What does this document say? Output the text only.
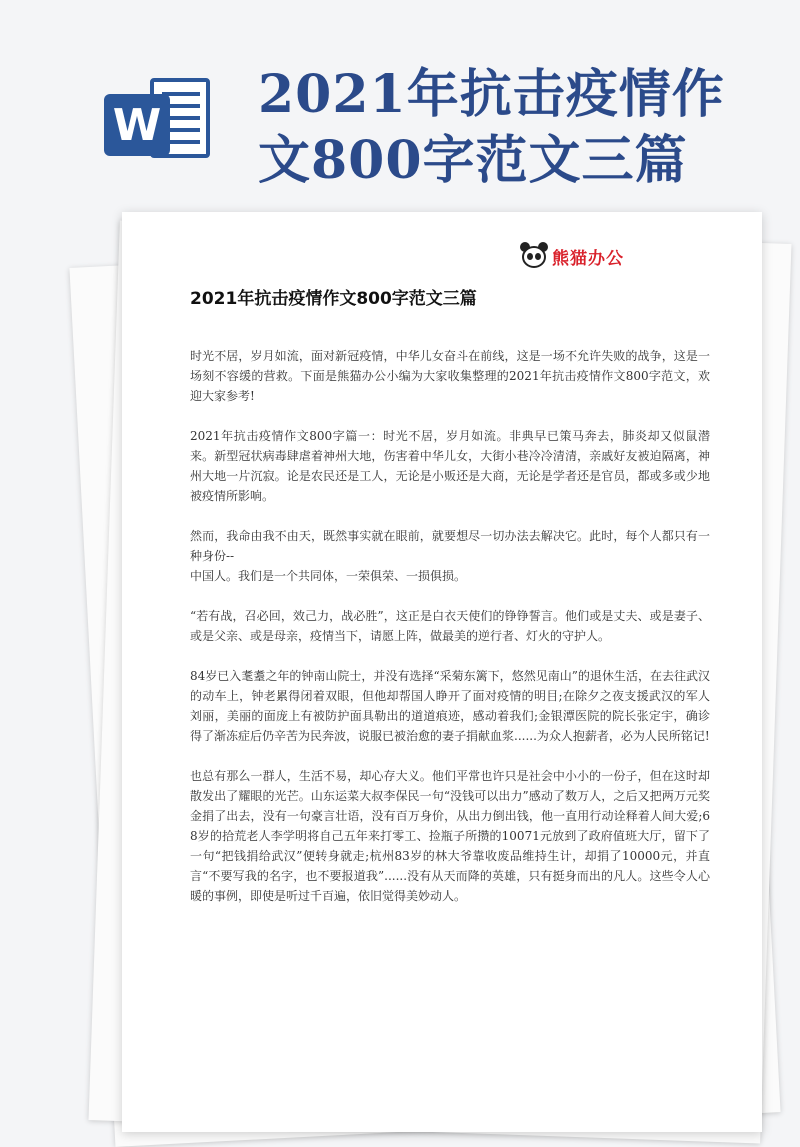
W 2021年抗击疫情作
文800字范文三篇
熊猫办公
2021年抗击疫情作文800字范文三篇

时光不居，岁月如流，面对新冠疫情，中华儿女奋斗在前线，这是一场不允许失败的战争，这是一场刻不容缓的营救。下面是熊猫办公小编为大家收集整理的2021年抗击疫情作文800字范文，欢迎大家参考!

2021年抗击疫情作文800字篇一：时光不居，岁月如流。非典早已策马奔去，肺炎却又似鼠潜来。新型冠状病毒肆虐着神州大地，伤害着中华儿女，大街小巷冷冷清清，亲戚好友被迫隔离，神州大地一片沉寂。论是农民还是工人，无论是小贩还是大商，无论是学者还是官员，都或多或少地被疫情所影响。

然而，我命由我不由天，既然事实就在眼前，就要想尽一切办法去解决它。此时，每个人都只有一种身份--
中国人。我们是一个共同体，一荣俱荣、一损俱损。

“若有战，召必回，效己力，战必胜”，这正是白衣天使们的铮铮誓言。他们或是丈夫、或是妻子、或是父亲、或是母亲，疫情当下，请愿上阵，做最美的逆行者、灯火的守护人。

84岁已入耄耋之年的钟南山院士，并没有选择“采菊东篱下，悠然见南山”的退休生活，在去往武汉的动车上，钟老累得闭着双眼，但他却帮国人睁开了面对疫情的明目;在除夕之夜支援武汉的军人刘丽，美丽的面庞上有被防护面具勒出的道道痕迹，感动着我们;金银潭医院的院长张定宇，确诊得了渐冻症后仍辛苦为民奔波，说服已被治愈的妻子捐献血浆......为众人抱薪者，必为人民所铭记!

也总有那么一群人，生活不易，却心存大义。他们平常也许只是社会中小小的一份子，但在这时却散发出了耀眼的光芒。山东运菜大叔李保民一句“没钱可以出力”感动了数万人，之后又把两万元奖金捐了出去，没有一句豪言壮语，没有百万身价，从出力倒出钱，他一直用行动诠释着人间大爱;68岁的拾荒老人李学明将自己五年来打零工、捡瓶子所攒的10071元放到了政府值班大厅，留下了一句“把钱捐给武汉”便转身就走;杭州83岁的林大爷靠收废品维持生计，却捐了10000元，并直言“不要写我的名字，也不要报道我”......没有从天而降的英雄，只有挺身而出的凡人。这些令人心暖的事例，即使是听过千百遍，依旧觉得美妙动人。
